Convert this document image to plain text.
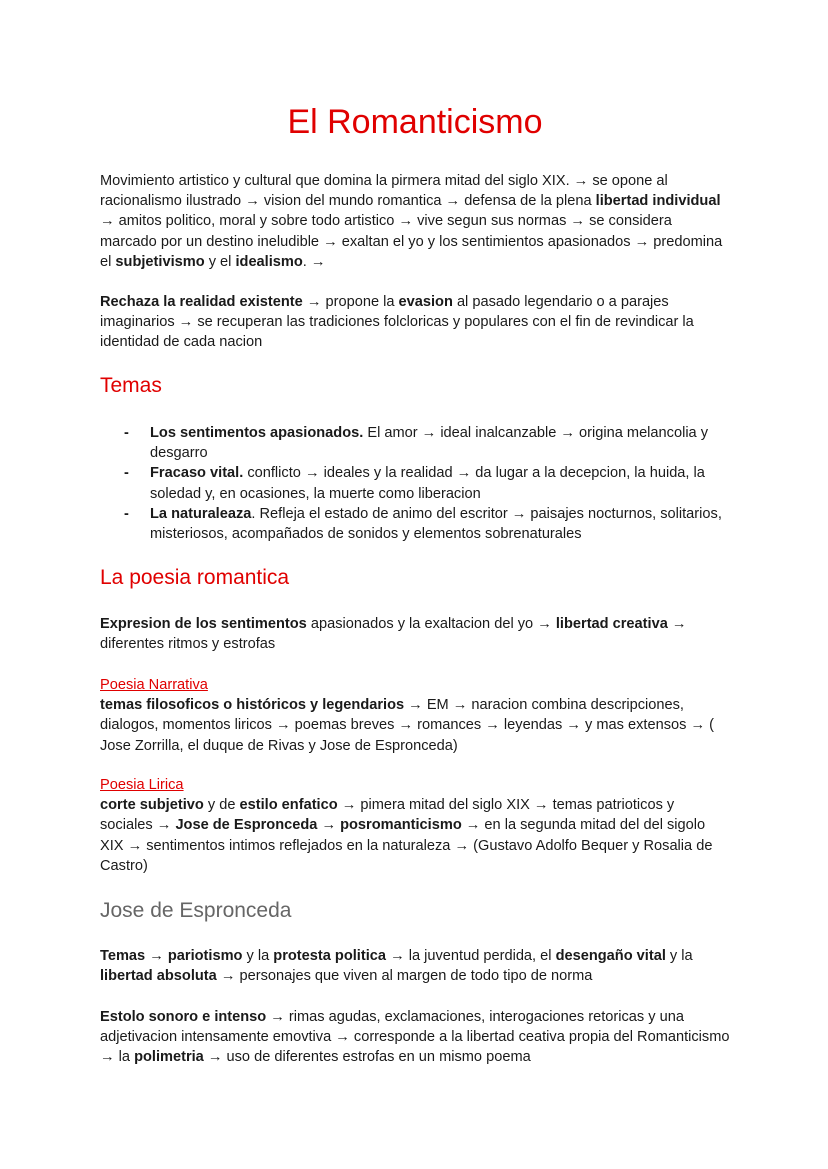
El Romanticismo

Movimiento artistico y cultural que domina la pirmera mitad del siglo XIX. → se opone al racionalismo ilustrado → vision del mundo romantica → defensa de la plena libertad individual → amitos politico, moral y sobre todo artistico → vive segun sus normas → se considera marcado por un destino ineludible → exaltan el yo y los sentimientos apasionados → predomina el subjetivismo y el idealismo. →

Rechaza la realidad existente → propone la evasion al pasado legendario o a parajes imaginarios → se recuperan las tradiciones folcloricas y populares con el fin de revindicar la identidad de cada nacion

Temas
- Los sentimentos apasionados. El amor → ideal inalcanzable → origina melancolia y desgarro
- Fracaso vital. conflicto → ideales y la realidad → da lugar a la decepcion, la huida, la soledad y, en ocasiones, la muerte como liberacion
- La naturaleaza. Refleja el estado de animo del escritor → paisajes nocturnos, solitarios, misteriosos, acompañados de sonidos y elementos sobrenaturales
La poesia romantica

Expresion de los sentimentos apasionados y la exaltacion del yo → libertad creativa → diferentes ritmos y estrofas

Poesia Narrativa

temas filosoficos o históricos y legendarios → EM → naracion combina descripciones, dialogos, momentos liricos → poemas breves → romances → leyendas → y mas extensos → ( Jose Zorrilla, el duque de Rivas y Jose de Espronceda)

Poesia Lirica

corte subjetivo y de estilo enfatico → pimera mitad del siglo XIX → temas patrioticos y sociales → Jose de Espronceda → posromanticismo → en la segunda mitad del del sigolo XIX → sentimentos intimos reflejados en la naturaleza → (Gustavo Adolfo Bequer y Rosalia de Castro)

Jose de Espronceda

Temas → pariotismo y la protesta politica → la juventud perdida, el desengaño vital y la libertad absoluta → personajes que viven al margen de todo tipo de norma

Estolo sonoro e intenso → rimas agudas, exclamaciones, interogaciones retoricas y una adjetivacion intensamente emovtiva → corresponde a la libertad ceativa propia del Romanticismo → la polimetria → uso de diferentes estrofas en un mismo poema
